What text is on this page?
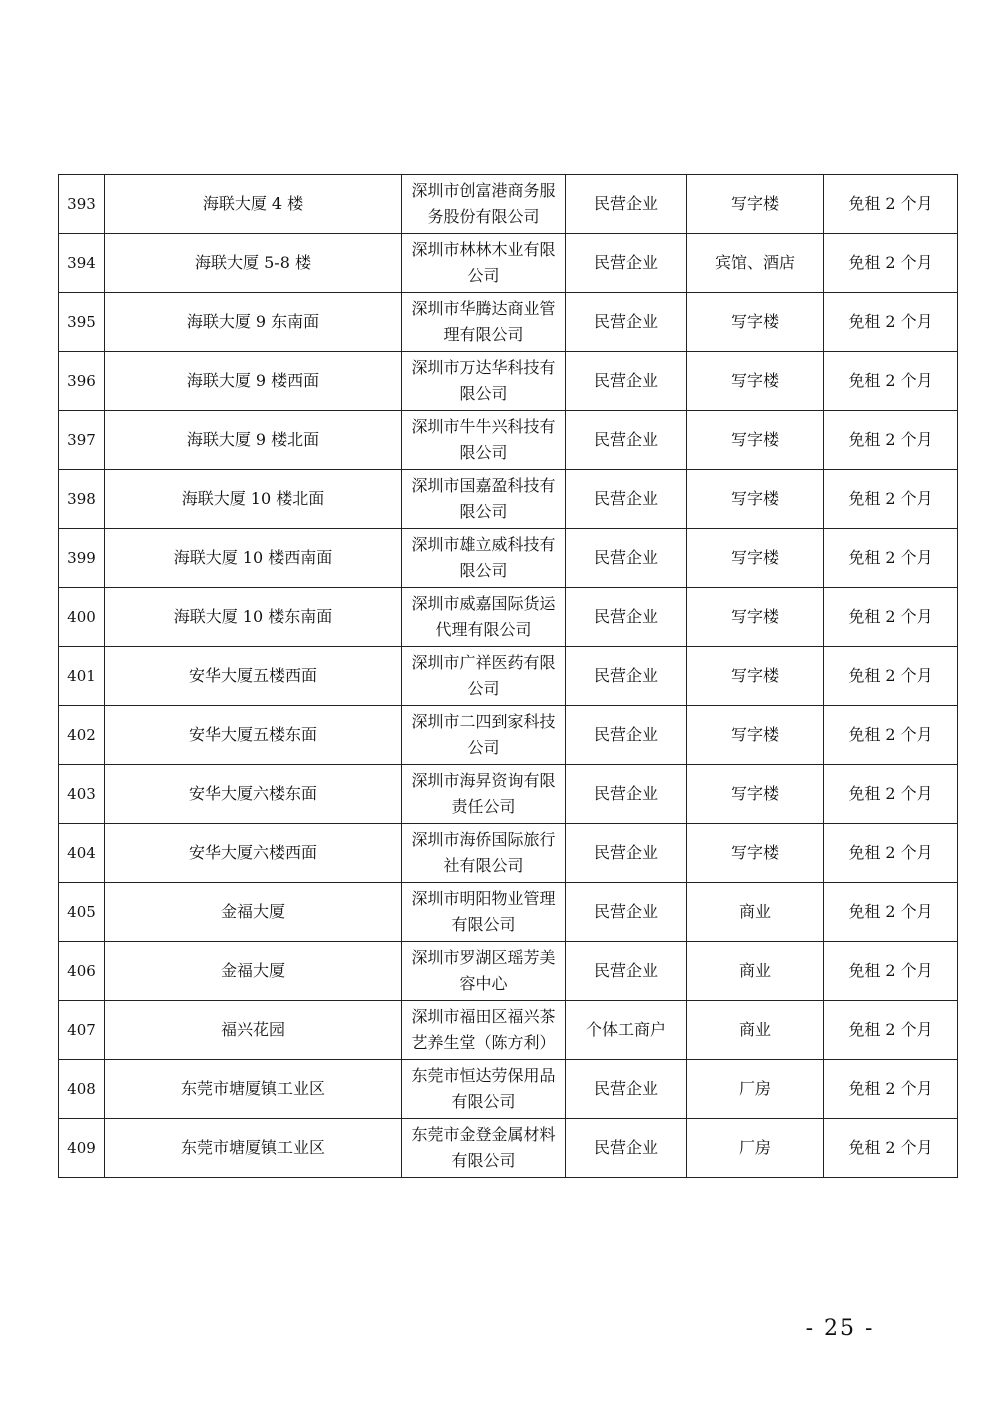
393	海联大厦 4 楼	深圳市创富港商务服务股份有限公司	民营企业	写字楼	免租 2 个月
394	海联大厦 5-8 楼	深圳市林林木业有限公司	民营企业	宾馆、酒店	免租 2 个月
395	海联大厦 9 东南面	深圳市华腾达商业管理有限公司	民营企业	写字楼	免租 2 个月
396	海联大厦 9 楼西面	深圳市万达华科技有限公司	民营企业	写字楼	免租 2 个月
397	海联大厦 9 楼北面	深圳市牛牛兴科技有限公司	民营企业	写字楼	免租 2 个月
398	海联大厦 10 楼北面	深圳市国嘉盈科技有限公司	民营企业	写字楼	免租 2 个月
399	海联大厦 10 楼西南面	深圳市雄立威科技有限公司	民营企业	写字楼	免租 2 个月
400	海联大厦 10 楼东南面	深圳市威嘉国际货运代理有限公司	民营企业	写字楼	免租 2 个月
401	安华大厦五楼西面	深圳市广祥医药有限公司	民营企业	写字楼	免租 2 个月
402	安华大厦五楼东面	深圳市二四到家科技公司	民营企业	写字楼	免租 2 个月
403	安华大厦六楼东面	深圳市海昇资询有限责任公司	民营企业	写字楼	免租 2 个月
404	安华大厦六楼西面	深圳市海侨国际旅行社有限公司	民营企业	写字楼	免租 2 个月
405	金福大厦	深圳市明阳物业管理有限公司	民营企业	商业	免租 2 个月
406	金福大厦	深圳市罗湖区瑶芳美容中心	民营企业	商业	免租 2 个月
407	福兴花园	深圳市福田区福兴茶艺养生堂（陈方利）	个体工商户	商业	免租 2 个月
408	东莞市塘厦镇工业区	东莞市恒达劳保用品有限公司	民营企业	厂房	免租 2 个月
409	东莞市塘厦镇工业区	东莞市金登金属材料有限公司	民营企业	厂房	免租 2 个月
- 25 -
